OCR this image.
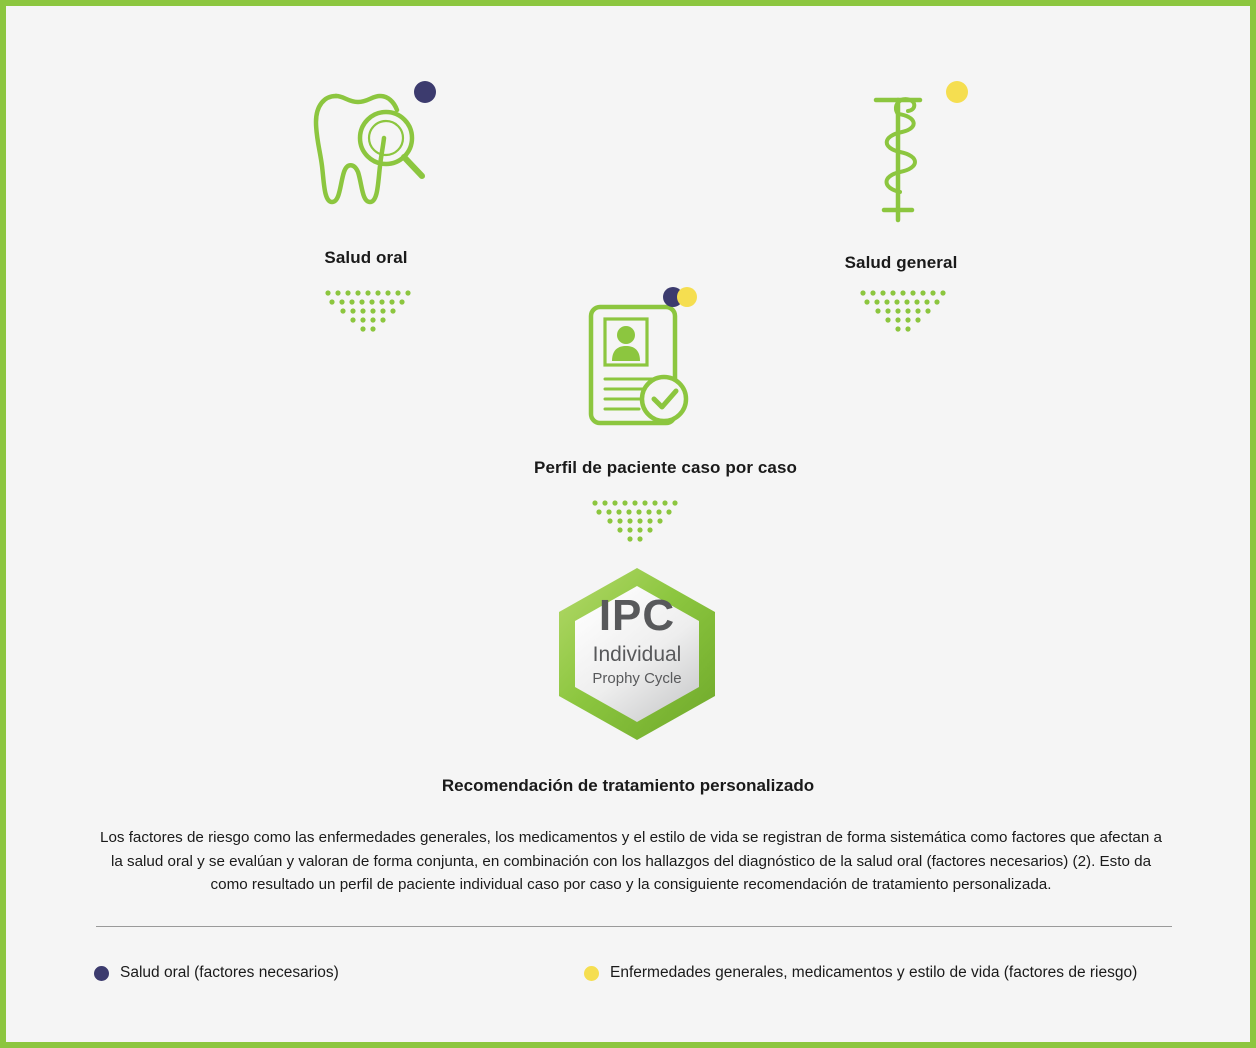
Salud oral	Salud general
Perfil de paciente caso por caso
IPC
Individual
Prophy Cycle
Recomendación de tratamiento personalizado
Los factores de riesgo como las enfermedades generales, los medicamentos y el estilo de vida se registran de forma sistemática como factores que afectan a la salud oral y se evalúan y valoran de forma conjunta, en combinación con los hallazgos del diagnóstico de la salud oral (factores necesarios) (2). Esto da como resultado un perfil de paciente individual caso por caso y la consiguiente recomendación de tratamiento personalizada.
Salud oral (factores necesarios)	Enfermedades generales, medicamentos y estilo de vida (factores de riesgo)
